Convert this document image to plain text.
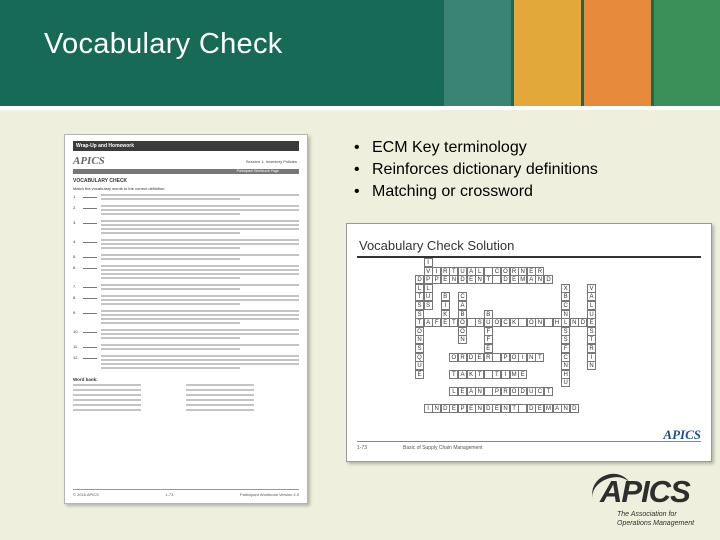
Vocabulary Check
Wrap-Up and Homework
APICS	Session 1: Inventory Policies
Participant Workbook Page
VOCABULARY CHECK
Match the vocabulary words to the correct definition.
1.
2.
3.
4.
5.
6.
7.
8.
9.
10.
11.
12.
Word bank:
© 2016 APICS	1-73	Participant Workbook Version 4.0
• ECM Key terminology
• Reinforces dictionary definitions
• Matching or crossword
Vocabulary Check Solution
V I R T U A L	C O R N E R
D P P E N D E N T	D E M A N D
T A F E T O	S U O C K	O N	H L N D
O R D E R	P O I N T
T A K T	T I M E
L E A N	P R O D U C T
I N D E P E N D E N T	D E M A N D
I
L
U
S
L
T
S
S
O
N
S
Q
U
E
B
I
K
C
A
B
O
N
B
F
F
E
X
B
C
N
S
S
F
C
N
H
U
V
A
L
U
E
S
T
R
I
N
APICS
1-73	Basic of Supply Chain Management
APICS
The Association for
Operations Management
